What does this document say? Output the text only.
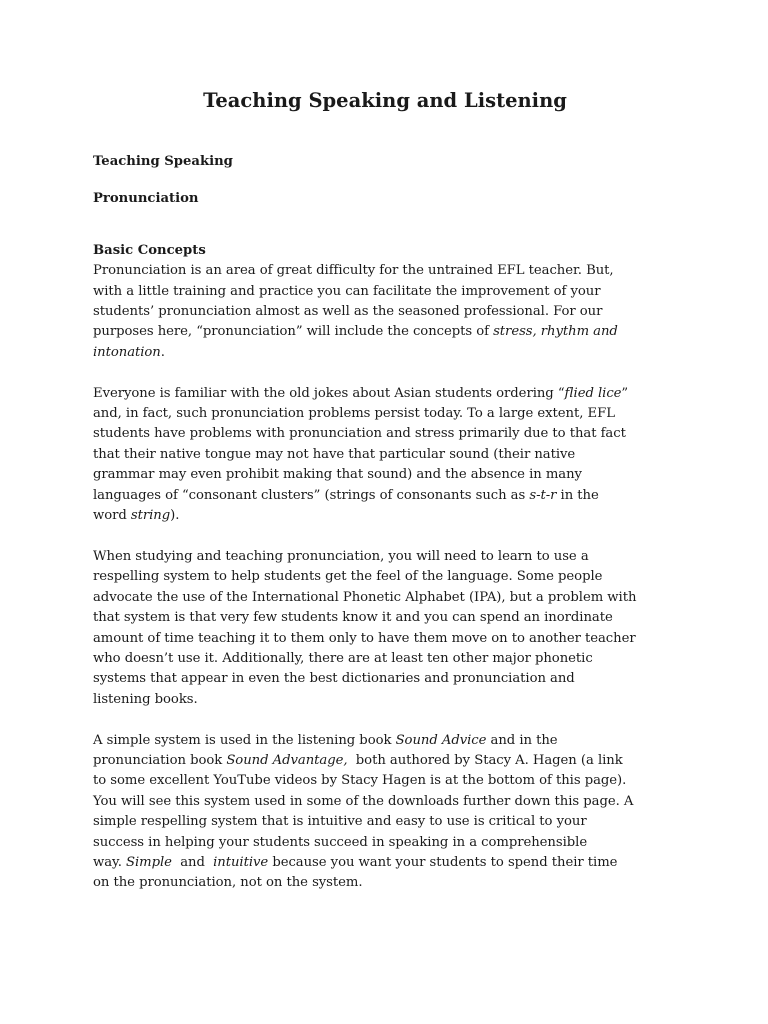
Teaching Speaking and Listening
Teaching Speaking
Pronunciation
Basic Concepts

Pronunciation is an area of great difficulty for the untrained EFL teacher. But,
with a little training and practice you can facilitate the improvement of your
students’ pronunciation almost as well as the seasoned professional. For our
purposes here, “pronunciation” will include the concepts of stress, rhythm and
intonation.

Everyone is familiar with the old jokes about Asian students ordering “flied lice”
and, in fact, such pronunciation problems persist today. To a large extent, EFL
students have problems with pronunciation and stress primarily due to that fact
that their native tongue may not have that particular sound (their native
grammar may even prohibit making that sound) and the absence in many
languages of “consonant clusters” (strings of consonants such as s-t-r in the
word string).

When studying and teaching pronunciation, you will need to learn to use a
respelling system to help students get the feel of the language. Some people
advocate the use of the International Phonetic Alphabet (IPA), but a problem with
that system is that very few students know it and you can spend an inordinate
amount of time teaching it to them only to have them move on to another teacher
who doesn’t use it. Additionally, there are at least ten other major phonetic
systems that appear in even the best dictionaries and pronunciation and
listening books.

A simple system is used in the listening book Sound Advice and in the
pronunciation book Sound Advantage,  both authored by Stacy A. Hagen (a link
to some excellent YouTube videos by Stacy Hagen is at the bottom of this page).
You will see this system used in some of the downloads further down this page. A
simple respelling system that is intuitive and easy to use is critical to your
success in helping your students succeed in speaking in a comprehensible
way. Simple  and  intuitive because you want your students to spend their time
on the pronunciation, not on the system.
